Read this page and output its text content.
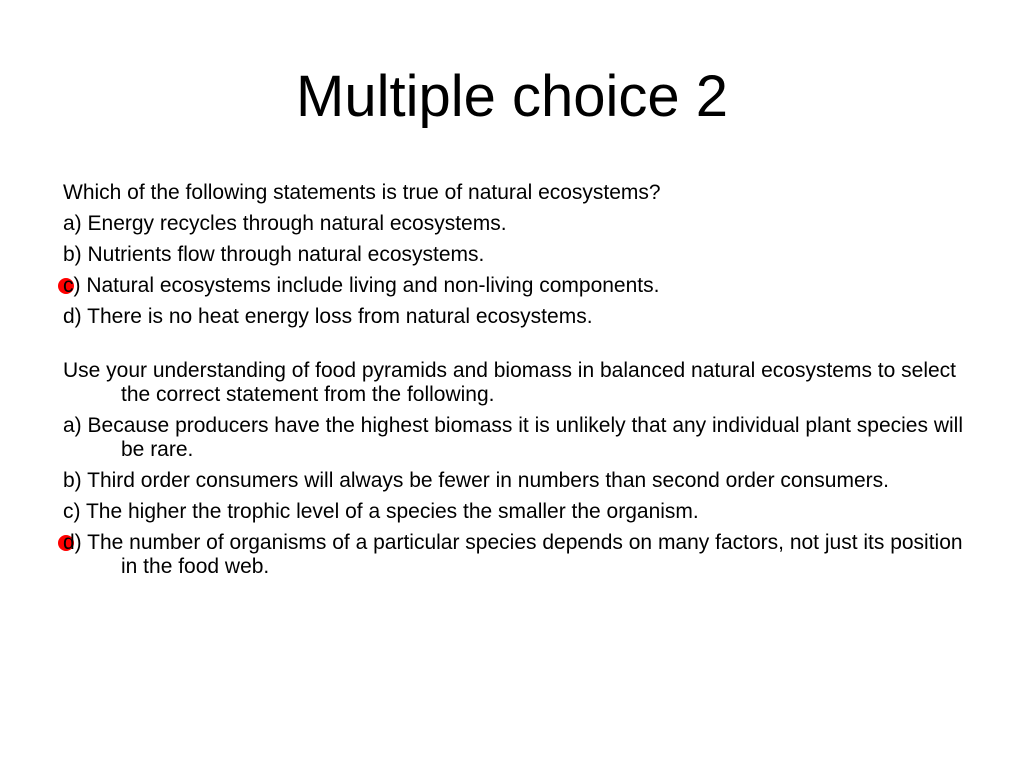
Multiple choice 2

Which of the following statements is true of natural ecosystems?

a) Energy recycles through natural ecosystems.

b) Nutrients flow through natural ecosystems.

c) Natural ecosystems include living and non-living components.

d) There is no heat energy loss from natural ecosystems.

Use your understanding of food pyramids and biomass in balanced natural ecosystems to select the correct statement from the following.

a) Because producers have the highest biomass it is unlikely that any individual plant species will be rare.

b) Third order consumers will always be fewer in numbers than second order consumers.

c) The higher the trophic level of a species the smaller the organism.

d) The number of organisms of a particular species depends on many factors, not just its position in the food web.
